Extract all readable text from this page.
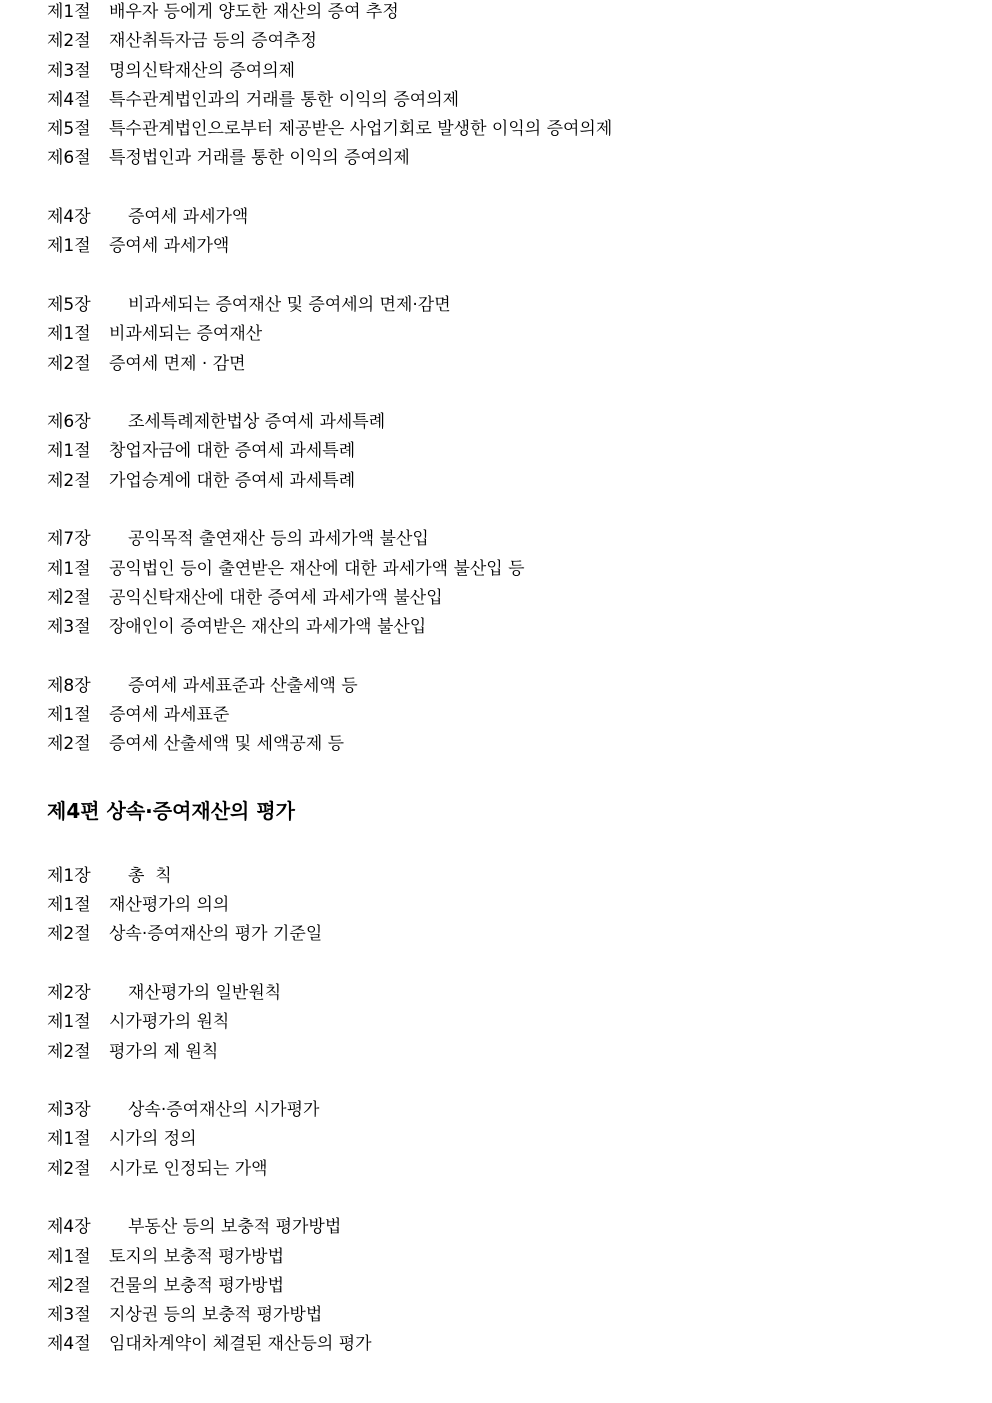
제1절 배우자 등에게 양도한 재산의 증여 추정
제2절 재산취득자금 등의 증여추정
제3절 명의신탁재산의 증여의제
제4절 특수관계법인과의 거래를 통한 이익의 증여의제
제5절 특수관계법인으로부터 제공받은 사업기회로 발생한 이익의 증여의제
제6절 특정법인과 거래를 통한 이익의 증여의제
제4장 증여세 과세가액
제1절 증여세 과세가액
제5장 비과세되는 증여재산 및 증여세의 면제·감면
제1절 비과세되는 증여재산
제2절 증여세 면제 · 감면
제6장 조세특례제한법상 증여세 과세특례
제1절 창업자금에 대한 증여세 과세특례
제2절 가업승계에 대한 증여세 과세특례
제7장 공익목적 출연재산 등의 과세가액 불산입
제1절 공익법인 등이 출연받은 재산에 대한 과세가액 불산입 등
제2절 공익신탁재산에 대한 증여세 과세가액 불산입
제3절 장애인이 증여받은 재산의 과세가액 불산입
제8장 증여세 과세표준과 산출세액 등
제1절 증여세 과세표준
제2절 증여세 산출세액 및 세액공제 등
제4편 상속·증여재산의 평가
제1장 총  칙
제1절 재산평가의 의의
제2절 상속·증여재산의 평가 기준일
제2장 재산평가의 일반원칙
제1절 시가평가의 원칙
제2절 평가의 제 원칙
제3장 상속·증여재산의 시가평가
제1절 시가의 정의
제2절 시가로 인정되는 가액
제4장 부동산 등의 보충적 평가방법
제1절 토지의 보충적 평가방법
제2절 건물의 보충적 평가방법
제3절 지상권 등의 보충적 평가방법
제4절 임대차계약이 체결된 재산등의 평가
